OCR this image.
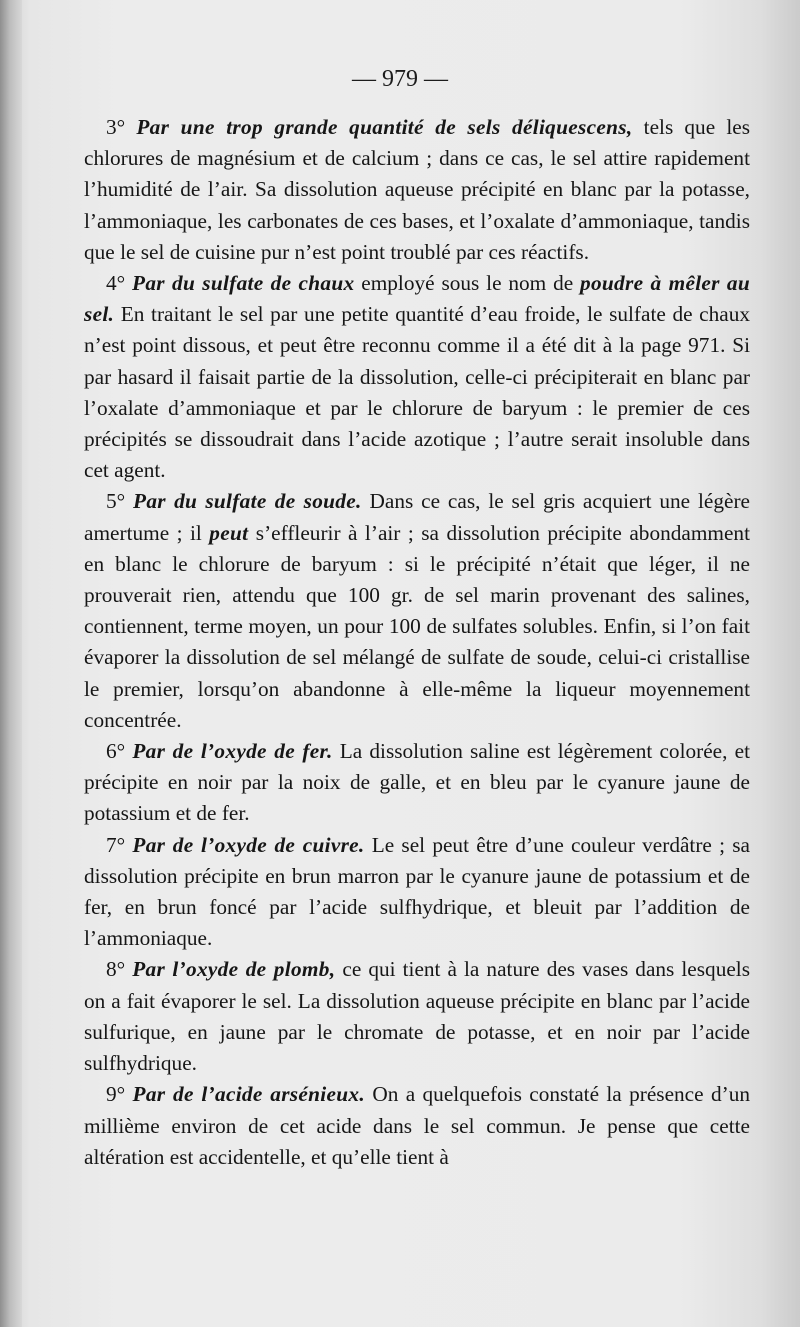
— 979 —

3° Par une trop grande quantité de sels déliquescens, tels que les chlorures de magnésium et de calcium ; dans ce cas, le sel attire rapidement l’humidité de l’air. Sa dissolution aqueuse précipité en blanc par la potasse, l’ammoniaque, les carbonates de ces bases, et l’oxalate d’ammoniaque, tandis que le sel de cuisine pur n’est point troublé par ces réactifs.

4° Par du sulfate de chaux employé sous le nom de poudre à mêler au sel. En traitant le sel par une petite quantité d’eau froide, le sulfate de chaux n’est point dissous, et peut être reconnu comme il a été dit à la page 971. Si par hasard il faisait partie de la dissolution, celle-ci précipiterait en blanc par l’oxalate d’ammoniaque et par le chlorure de baryum : le premier de ces précipités se dissoudrait dans l’acide azotique ; l’autre serait insoluble dans cet agent.

5° Par du sulfate de soude. Dans ce cas, le sel gris acquiert une légère amertume ; il peut s’effleurir à l’air ; sa dissolution précipite abondamment en blanc le chlorure de baryum : si le précipité n’était que léger, il ne prouverait rien, attendu que 100 gr. de sel marin provenant des salines, contiennent, terme moyen, un pour 100 de sulfates solubles. Enfin, si l’on fait évaporer la dissolution de sel mélangé de sulfate de soude, celui-ci cristallise le premier, lorsqu’on abandonne à elle-même la liqueur moyennement concentrée.

6° Par de l’oxyde de fer. La dissolution saline est légèrement colorée, et précipite en noir par la noix de galle, et en bleu par le cyanure jaune de potassium et de fer.

7° Par de l’oxyde de cuivre. Le sel peut être d’une couleur verdâtre ; sa dissolution précipite en brun marron par le cyanure jaune de potassium et de fer, en brun foncé par l’acide sulfhydrique, et bleuit par l’addition de l’ammoniaque.

8° Par l’oxyde de plomb, ce qui tient à la nature des vases dans lesquels on a fait évaporer le sel. La dissolution aqueuse précipite en blanc par l’acide sulfurique, en jaune par le chromate de potasse, et en noir par l’acide sulfhydrique.

9° Par de l’acide arsénieux. On a quelquefois constaté la présence d’un millième environ de cet acide dans le sel commun. Je pense que cette altération est accidentelle, et qu’elle tient à
